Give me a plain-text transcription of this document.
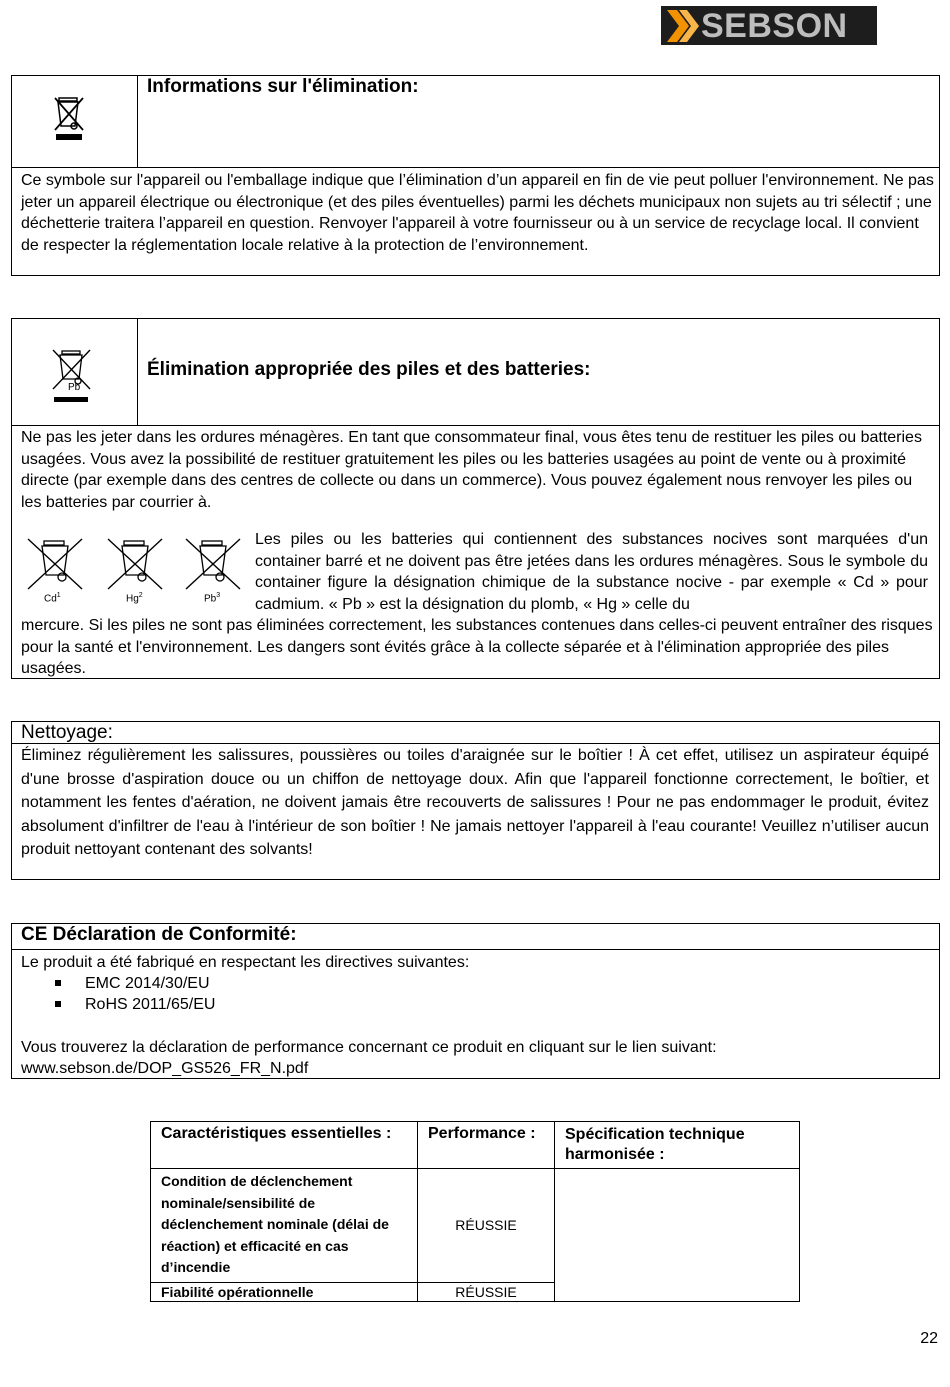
SEBSON
Informations sur l'élimination:
Ce symbole sur l'appareil ou l'emballage indique que l’élimination d’un appareil en fin de vie peut polluer l'environnement. Ne pas jeter un appareil électrique ou électronique (et des piles éventuelles) parmi les déchets municipaux non sujets au tri sélectif ; une déchetterie traitera l’appareil en question. Renvoyer l'appareil à votre fournisseur ou à un service de recyclage local. Il convient de respecter la réglementation locale relative à la protection de l’environnement.
Pb
Élimination appropriée des piles et des batteries:
Ne pas les jeter dans les ordures ménagères. En tant que consommateur final, vous êtes tenu de restituer les piles ou batteries usagées. Vous avez la possibilité de restituer gratuitement les piles ou les batteries usagées au point de vente ou à proximité directe (par exemple dans des centres de collecte ou dans un commerce). Vous pouvez également nous renvoyer les piles ou les batteries par courrier à.
Cd$^1$	Hg$^2$	Pb$^3$
Les piles ou les batteries qui contiennent des substances nocives sont marquées d'un container barré et ne doivent pas être jetées dans les ordures ménagères. Sous le symbole du container figure la désignation chimique de la substance nocive - par exemple « Cd » pour cadmium. « Pb » est la désignation du plomb, « Hg » celle du
mercure. Si les piles ne sont pas éliminées correctement, les substances contenues dans celles-ci peuvent entraîner des risques pour la santé et l'environnement. Les dangers sont évités grâce à la collecte séparée et à l'élimination appropriée des piles usagées.
Nettoyage:
Éliminez régulièrement les salissures, poussières ou toiles d'araignée sur le boîtier ! À cet effet, utilisez un aspirateur équipé d'une brosse d'aspiration douce ou un chiffon de nettoyage doux. Afin que l'appareil fonctionne correctement, le boîtier, et notamment les fentes d'aération, ne doivent jamais être recouverts de salissures ! Pour ne pas endommager le produit, évitez absolument d'infiltrer de l'eau à l'intérieur de son boîtier ! Ne jamais nettoyer l'appareil à l'eau courante! Veuillez n’utiliser aucun produit nettoyant contenant des solvants!
CE Déclaration de Conformité:
Le produit a été fabriqué en respectant les directives suivantes:
EMC 2014/30/EU
RoHS 2011/65/EU
Vous trouverez la déclaration de performance concernant ce produit en cliquant sur le lien suivant:
www.sebson.de/DOP_GS526_FR_N.pdf
Caractéristiques essentielles :	Performance :	Spécification technique harmonisée :
Condition de déclenchement nominale/sensibilité de déclenchement nominale (délai de réaction) et efficacité en cas d’incendie	RÉUSSIE	
Fiabilité opérationnelle	RÉUSSIE	
22
